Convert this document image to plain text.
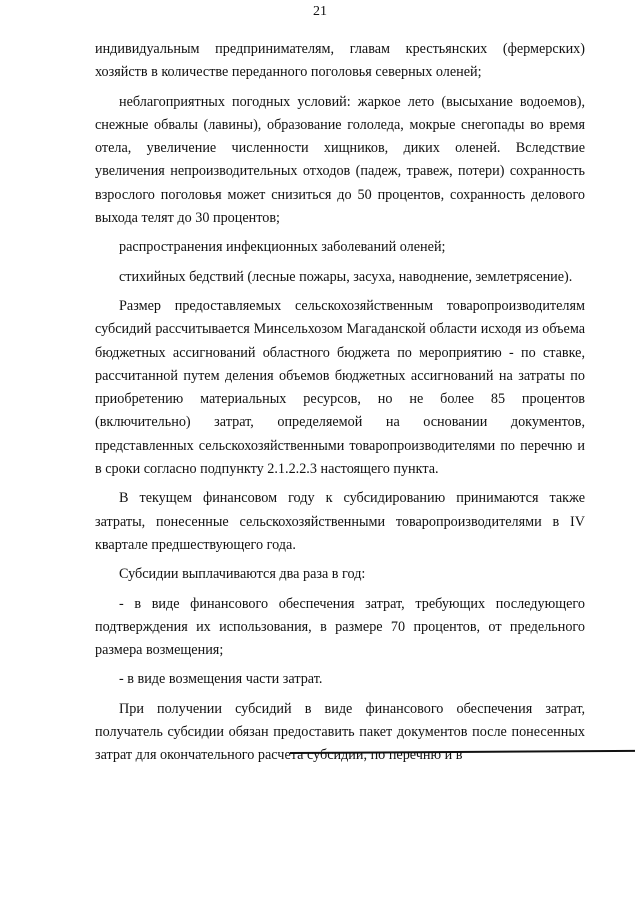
21

индивидуальным предпринимателям, главам крестьянских (фермерских) хозяйств в количестве переданного поголовья северных оленей;

неблагоприятных погодных условий: жаркое лето (высыхание водоемов), снежные обвалы (лавины), образование гололеда, мокрые снегопады во время отела, увеличение численности хищников, диких оленей. Вследствие увеличения непроизводительных отходов (падеж, травеж, потери) сохранность взрослого поголовья может снизиться до 50 процентов, сохранность делового выхода телят до 30 процентов;

распространения инфекционных заболеваний оленей;

стихийных бедствий (лесные пожары, засуха, наводнение, землетрясение).

Размер предоставляемых сельскохозяйственным товаропроизводителям субсидий рассчитывается Минсельхозом Магаданской области исходя из объема бюджетных ассигнований областного бюджета по мероприятию - по ставке, рассчитанной путем деления объемов бюджетных ассигнований на затраты по приобретению материальных ресурсов, но не более 85 процентов (включительно) затрат, определяемой на основании документов, представленных сельскохозяйственными товаропроизводителями по перечню и в сроки согласно подпункту 2.1.2.2.3 настоящего пункта.

В текущем финансовом году к субсидированию принимаются также затраты, понесенные сельскохозяйственными товаропроизводителями в IV квартале предшествующего года.

Субсидии выплачиваются два раза в год:

- в виде финансового обеспечения затрат, требующих последующего подтверждения их использования, в размере 70 процентов, от предельного размера возмещения;

- в виде возмещения части затрат.

При получении субсидий в виде финансового обеспечения затрат, получатель субсидии обязан предоставить пакет документов после понесенных затрат для окончательного расчета субсидии, по перечню и в
